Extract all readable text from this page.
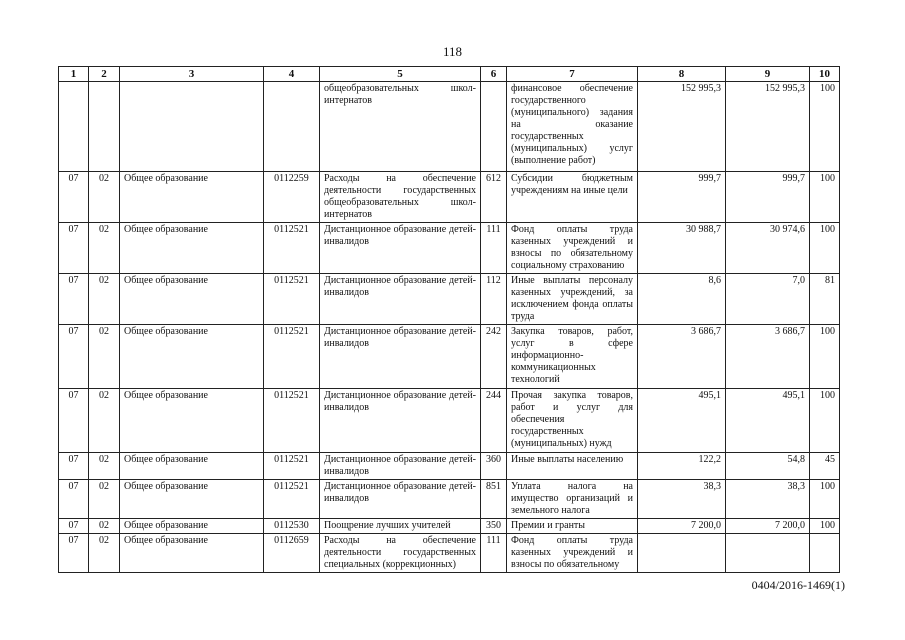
118
1	2	3	4	5	6	7	8	9	10
				общеобразовательных школ-интернатов		финансовое обеспечение государственного (муниципального) задания на оказание государственных (муниципальных) услуг (выполнение работ)	152 995,3	152 995,3	100
07	02	Общее образование	0112259	Расходы на обеспечение деятельности государственных общеобразовательных школ-интернатов	612	Субсидии бюджетным учреждениям на иные цели	999,7	999,7	100
07	02	Общее образование	0112521	Дистанционное образование детей-инвалидов	111	Фонд оплаты труда казенных учреждений и взносы по обязательному социальному страхованию	30 988,7	30 974,6	100
07	02	Общее образование	0112521	Дистанционное образование детей-инвалидов	112	Иные выплаты персоналу казенных учреждений, за исключением фонда оплаты труда	8,6	7,0	81
07	02	Общее образование	0112521	Дистанционное образование детей-инвалидов	242	Закупка товаров, работ, услуг в сфере информационно-коммуникационных технологий	3 686,7	3 686,7	100
07	02	Общее образование	0112521	Дистанционное образование детей-инвалидов	244	Прочая закупка товаров, работ и услуг для обеспечения государственных (муниципальных) нужд	495,1	495,1	100
07	02	Общее образование	0112521	Дистанционное образование детей-инвалидов	360	Иные выплаты населению	122,2	54,8	45
07	02	Общее образование	0112521	Дистанционное образование детей-инвалидов	851	Уплата налога на имущество организаций и земельного налога	38,3	38,3	100
07	02	Общее образование	0112530	Поощрение лучших учителей	350	Премии и гранты	7 200,0	7 200,0	100
07	02	Общее образование	0112659	Расходы на обеспечение деятельности государственных специальных (коррекционных)	111	Фонд оплаты труда казенных учреждений и взносы по обязательному			
0404/2016-1469(1)
